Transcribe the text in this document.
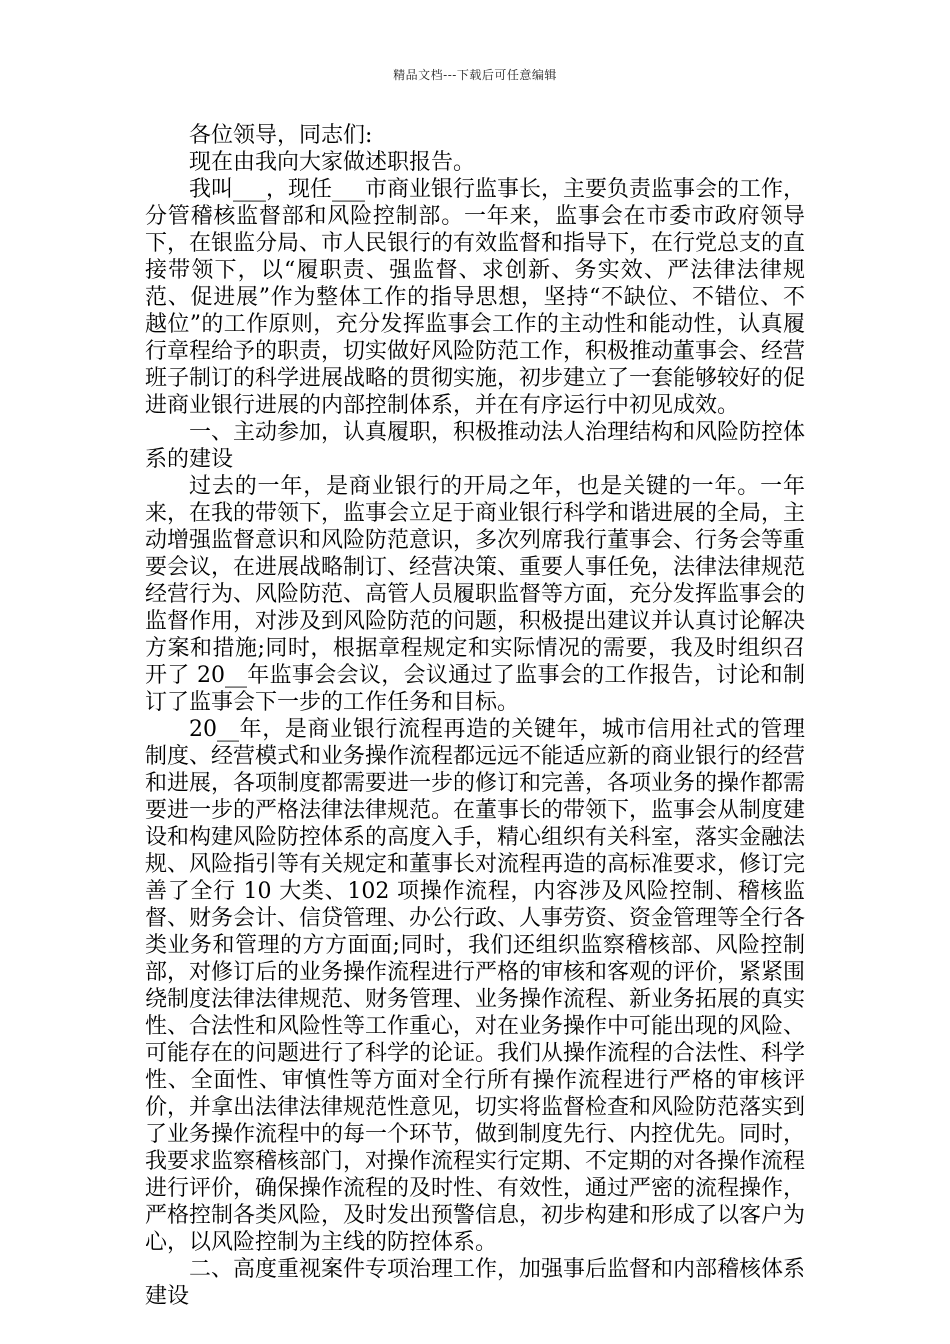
精品文档---下载后可任意编辑

各位领导，同志们:

现在由我向大家做述职报告。

我叫___，现任___市商业银行监事长，主要负责监事会的工作，分管稽核监督部和风险控制部。一年来，监事会在市委市政府领导下，在银监分局、市人民银行的有效监督和指导下，在行党总支的直接带领下，以“履职责、强监督、求创新、务实效、严法律法律规范、促进展”作为整体工作的指导思想，坚持“不缺位、不错位、不越位”的工作原则，充分发挥监事会工作的主动性和能动性，认真履行章程给予的职责，切实做好风险防范工作，积极推动董事会、经营班子制订的科学进展战略的贯彻实施，初步建立了一套能够较好的促进商业银行进展的内部控制体系，并在有序运行中初见成效。

一、主动参加，认真履职，积极推动法人治理结构和风险防控体系的建设

过去的一年，是商业银行的开局之年，也是关键的一年。一年来，在我的带领下，监事会立足于商业银行科学和谐进展的全局，主动增强监督意识和风险防范意识，多次列席我行董事会、行务会等重要会议，在进展战略制订、经营决策、重要人事任免，法律法律规范经营行为、风险防范、高管人员履职监督等方面，充分发挥监事会的监督作用，对涉及到风险防范的问题，积极提出建议并认真讨论解决方案和措施;同时，根据章程规定和实际情况的需要，我及时组织召开了 20__年监事会会议，会议通过了监事会的工作报告，讨论和制订了监事会下一步的工作任务和目标。

20__年，是商业银行流程再造的关键年，城市信用社式的管理制度、经营模式和业务操作流程都远远不能适应新的商业银行的经营和进展，各项制度都需要进一步的修订和完善，各项业务的操作都需要进一步的严格法律法律规范。在董事长的带领下，监事会从制度建设和构建风险防控体系的高度入手，精心组织有关科室，落实金融法规、风险指引等有关规定和董事长对流程再造的高标准要求，修订完善了全行 10 大类、102 项操作流程，内容涉及风险控制、稽核监督、财务会计、信贷管理、办公行政、人事劳资、资金管理等全行各类业务和管理的方方面面;同时，我们还组织监察稽核部、风险控制部，对修订后的业务操作流程进行严格的审核和客观的评价，紧紧围绕制度法律法律规范、财务管理、业务操作流程、新业务拓展的真实性、合法性和风险性等工作重心，对在业务操作中可能出现的风险、可能存在的问题进行了科学的论证。我们从操作流程的合法性、科学性、全面性、审慎性等方面对全行所有操作流程进行严格的审核评价，并拿出法律法律规范性意见，切实将监督检查和风险防范落实到了业务操作流程中的每一个环节，做到制度先行、内控优先。同时，我要求监察稽核部门，对操作流程实行定期、不定期的对各操作流程进行评价，确保操作流程的及时性、有效性，通过严密的流程操作，严格控制各类风险，及时发出预警信息，初步构建和形成了以客户为心，以风险控制为主线的防控体系。

二、高度重视案件专项治理工作，加强事后监督和内部稽核体系建设
